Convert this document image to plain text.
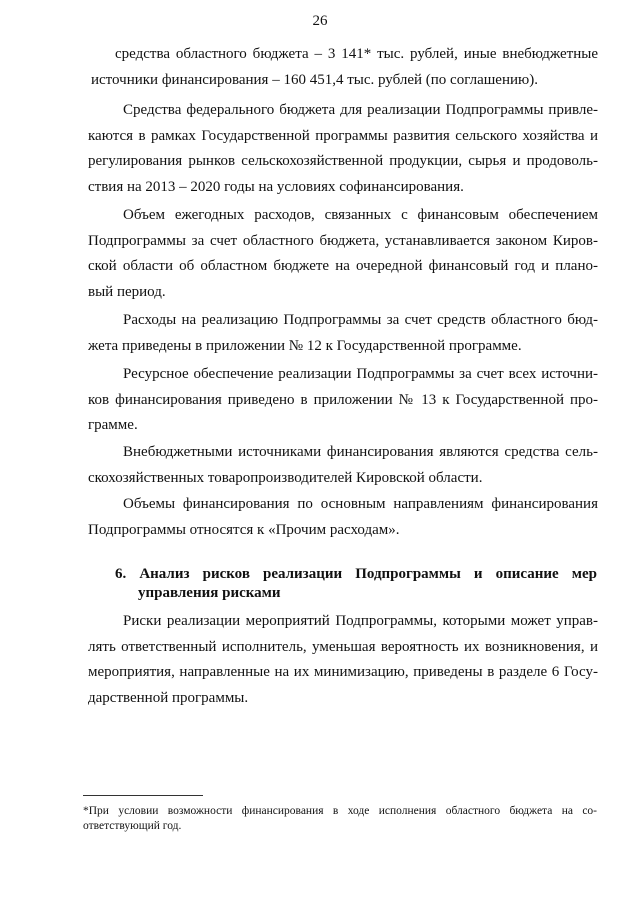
26
средства областного бюджета – 3 141* тыс. рублей, иные внебюджетные
источники финансирования – 160 451,4 тыс. рублей (по соглашению).
Средства федерального бюджета для реализации Подпрограммы привле-
каются в рамках Государственной программы развития сельского хозяйства и
регулирования рынков сельскохозяйственной продукции, сырья и продоволь-
ствия на 2013 – 2020 годы на условиях софинансирования.
Объем ежегодных расходов, связанных с финансовым обеспечением
Подпрограммы за счет областного бюджета, устанавливается законом Киров-
ской области об областном бюджете на очередной финансовый год и плано-
вый период.
Расходы на реализацию Подпрограммы за счет средств областного бюд-
жета приведены в приложении № 12 к Государственной программе.
Ресурсное обеспечение реализации Подпрограммы за счет всех источни-
ков финансирования приведено в приложении № 13 к Государственной про-
грамме.
Внебюджетными источниками финансирования являются средства сель-
скохозяйственных товаропроизводителей Кировской области.
Объемы финансирования по основным направлениям финансирования
Подпрограммы относятся к «Прочим расходам».
6. Анализ рисков реализации Подпрограммы и описание мер
управления рисками
Риски реализации мероприятий Подпрограммы, которыми может управ-
лять ответственный исполнитель, уменьшая вероятность их возникновения, и
мероприятия, направленные на их минимизацию, приведены в разделе 6 Госу-
дарственной программы.
*При условии возможности финансирования в ходе исполнения областного бюджета на со-
ответствующий год.
